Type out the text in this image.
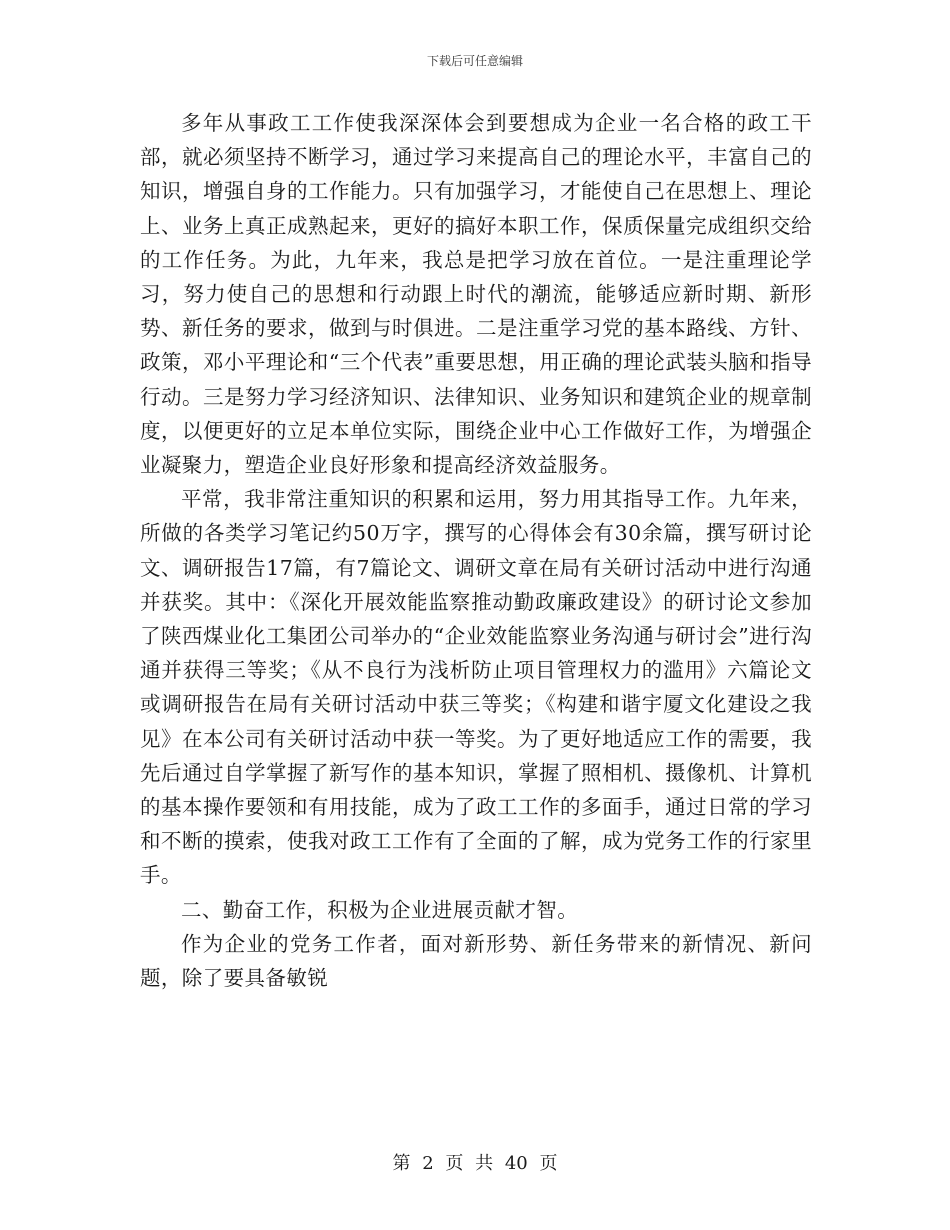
下载后可任意编辑

多年从事政工工作使我深深体会到要想成为企业一名合格的政工干部，就必须坚持不断学习，通过学习来提高自己的理论水平，丰富自己的知识，增强自身的工作能力。只有加强学习，才能使自己在思想上、理论上、业务上真正成熟起来，更好的搞好本职工作，保质保量完成组织交给的工作任务。为此，九年来，我总是把学习放在首位。一是注重理论学习，努力使自己的思想和行动跟上时代的潮流，能够适应新时期、新形势、新任务的要求，做到与时俱进。二是注重学习党的基本路线、方针、政策，邓小平理论和“三个代表”重要思想，用正确的理论武装头脑和指导行动。三是努力学习经济知识、法律知识、业务知识和建筑企业的规章制度，以便更好的立足本单位实际，围绕企业中心工作做好工作，为增强企业凝聚力，塑造企业良好形象和提高经济效益服务。

平常，我非常注重知识的积累和运用，努力用其指导工作。九年来，所做的各类学习笔记约50万字，撰写的心得体会有30余篇，撰写研讨论文、调研报告17篇，有7篇论文、调研文章在局有关研讨活动中进行沟通并获奖。其中：《深化开展效能监察推动勤政廉政建设》的研讨论文参加了陕西煤业化工集团公司举办的“企业效能监察业务沟通与研讨会”进行沟通并获得三等奖；《从不良行为浅析防止项目管理权力的滥用》六篇论文或调研报告在局有关研讨活动中获三等奖；《构建和谐宇厦文化建设之我见》在本公司有关研讨活动中获一等奖。为了更好地适应工作的需要，我先后通过自学掌握了新写作的基本知识，掌握了照相机、摄像机、计算机的基本操作要领和有用技能，成为了政工工作的多面手，通过日常的学习和不断的摸索，使我对政工工作有了全面的了解，成为党务工作的行家里手。

二、勤奋工作，积极为企业进展贡献才智。

作为企业的党务工作者，面对新形势、新任务带来的新情况、新问题，除了要具备敏锐

第 2 页 共 40 页
